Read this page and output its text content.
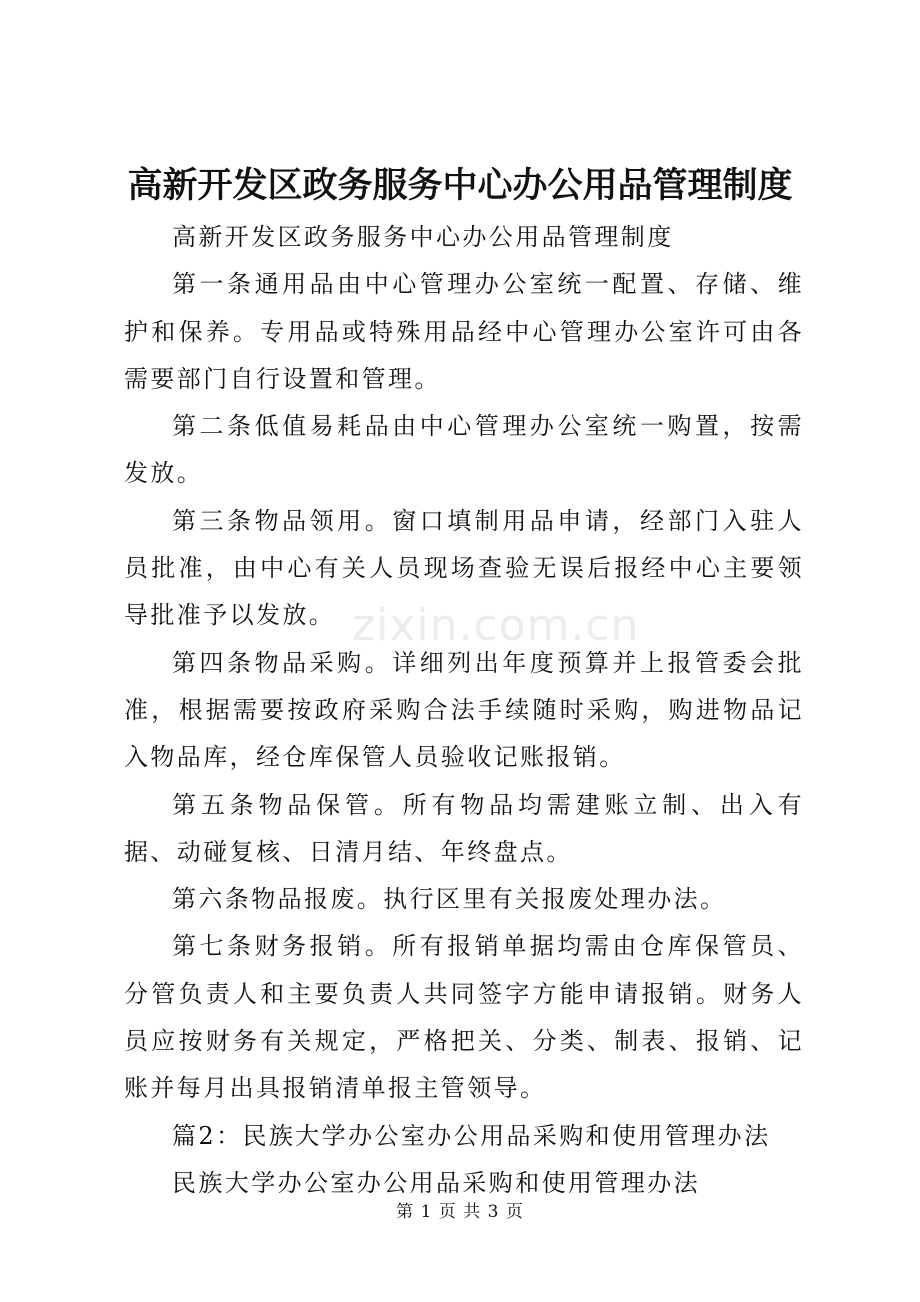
高新开发区政务服务中心办公用品管理制度

高新开发区政务服务中心办公用品管理制度

第一条通用品由中心管理办公室统一配置、存储、维护和保养。专用品或特殊用品经中心管理办公室许可由各需要部门自行设置和管理。

第二条低值易耗品由中心管理办公室统一购置，按需发放。

第三条物品领用。窗口填制用品申请，经部门入驻人员批准，由中心有关人员现场查验无误后报经中心主要领导批准予以发放。

第四条物品采购。详细列出年度预算并上报管委会批准，根据需要按政府采购合法手续随时采购，购进物品记入物品库，经仓库保管人员验收记账报销。

第五条物品保管。所有物品均需建账立制、出入有据、动碰复核、日清月结、年终盘点。

第六条物品报废。执行区里有关报废处理办法。

第七条财务报销。所有报销单据均需由仓库保管员、分管负责人和主要负责人共同签字方能申请报销。财务人员应按财务有关规定，严格把关、分类、制表、报销、记账并每月出具报销清单报主管领导。

篇2：民族大学办公室办公用品采购和使用管理办法

民族大学办公室办公用品采购和使用管理办法

zixin.com.cn
第 1 页 共 3 页
